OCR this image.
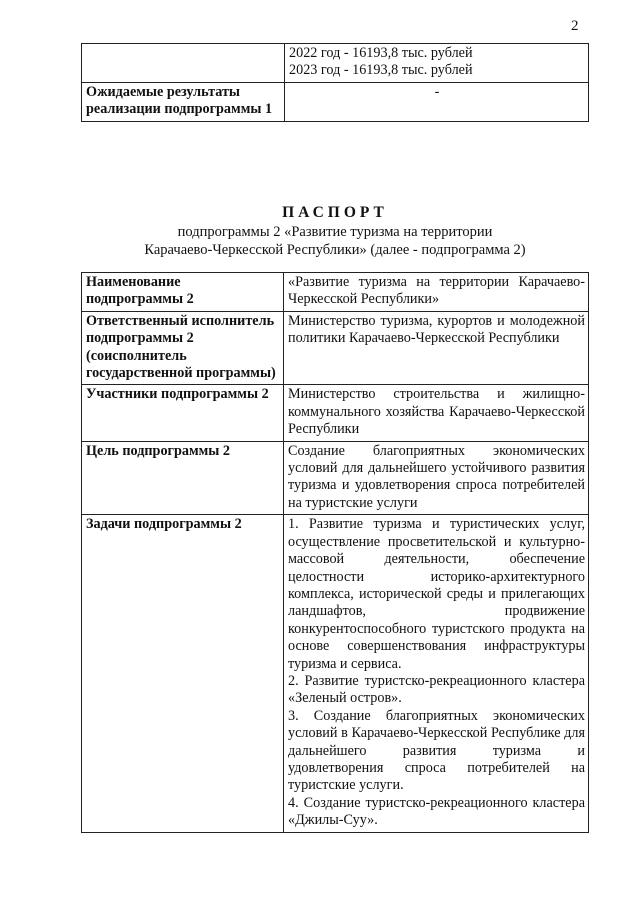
2

	2022 год - 16193,8 тыс. рублей
2023 год - 16193,8 тыс. рублей

Ожидаемые результаты реализации подпрограммы 1	-
ПАСПОРТ
подпрограммы 2 «Развитие туризма на территории
Карачаево-Черкесской Республики» (далее - подпрограмма 2)
Наименование подпрограммы 2	«Развитие туризма на территории Карачаево-Черкесской Республики»
Ответственный исполнитель подпрограммы 2 (соисполнитель государственной программы)	Министерство туризма, курортов и молодежной политики Карачаево-Черкесской Республики
Участники подпрограммы 2	Министерство строительства и жилищно-коммунального хозяйства Карачаево-Черкесской Республики
Цель подпрограммы 2	Создание благоприятных экономических условий для дальнейшего устойчивого развития туризма и удовлетворения спроса потребителей на туристские услуги
Задачи подпрограммы 2	1. Развитие туризма и туристических услуг, осуществление просветительской и культурно-массовой деятельности, обеспечение целостности историко-архитектурного комплекса, исторической среды и прилегающих ландшафтов, продвижение конкурентоспособного туристского продукта на основе совершенствования инфраструктуры туризма и сервиса.
2. Развитие туристско-рекреационного кластера «Зеленый остров».
3. Создание благоприятных экономических условий в Карачаево-Черкесской Республике для дальнейшего развития туризма и удовлетворения спроса потребителей на туристские услуги.
4. Создание туристско-рекреационного кластера «Джилы-Суу».
